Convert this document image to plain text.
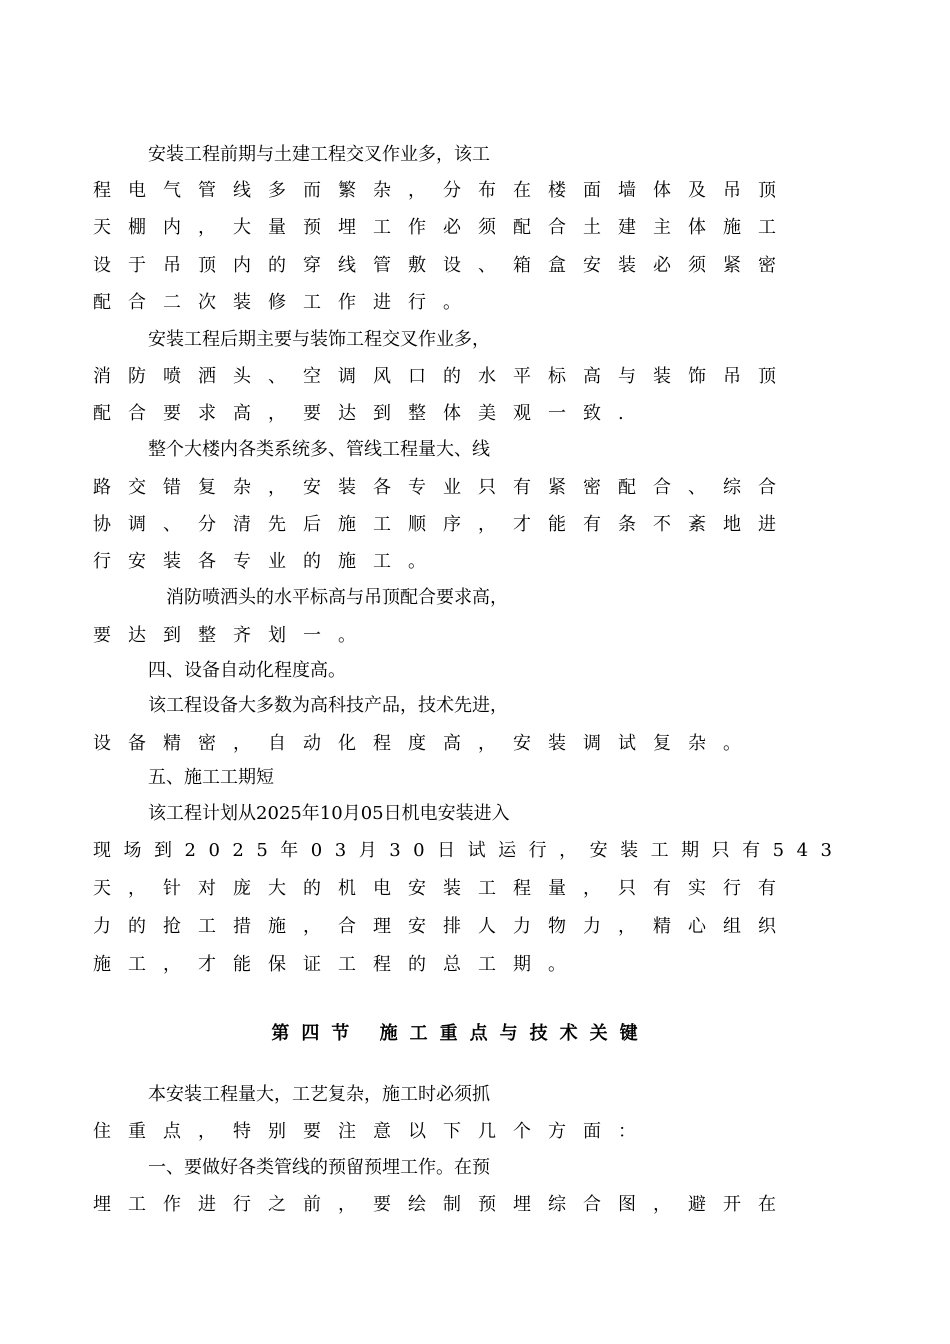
安装工程前期与土建工程交叉作业多，该工
程电气管线多而繁杂，分布在楼面墙体及吊顶
天棚内，大量预埋工作必须配合土建主体施工
设于吊顶内的穿线管敷设、箱盒安装必须紧密
配合二次装修工作进行。
安装工程后期主要与装饰工程交叉作业多，
消防喷洒头、空调风口的水平标高与装饰吊顶
配合要求高，要达到整体美观一致.
整个大楼内各类系统多、管线工程量大、线
路交错复杂，安装各专业只有紧密配合、综合
协调、分清先后施工顺序，才能有条不紊地进
行安装各专业的施工。
消防喷洒头的水平标高与吊顶配合要求高，
要达到整齐划一。
四、设备自动化程度高。
该工程设备大多数为高科技产品，技术先进，
设备精密，自动化程度高，安装调试复杂。
五、施工工期短
该工程计划从2025年10月05日机电安装进入
现场到2025年03月30日试运行，安装工期只有543
天，针对庞大的机电安装工程量，只有实行有
力的抢工措施，合理安排人力物力，精心组织
施工，才能保证工程的总工期。
第四节 施工重点与技术关键
本安装工程量大，工艺复杂，施工时必须抓
住重点，特别要注意以下几个方面：
一、要做好各类管线的预留预埋工作。在预
埋工作进行之前，要绘制预埋综合图，避开在
